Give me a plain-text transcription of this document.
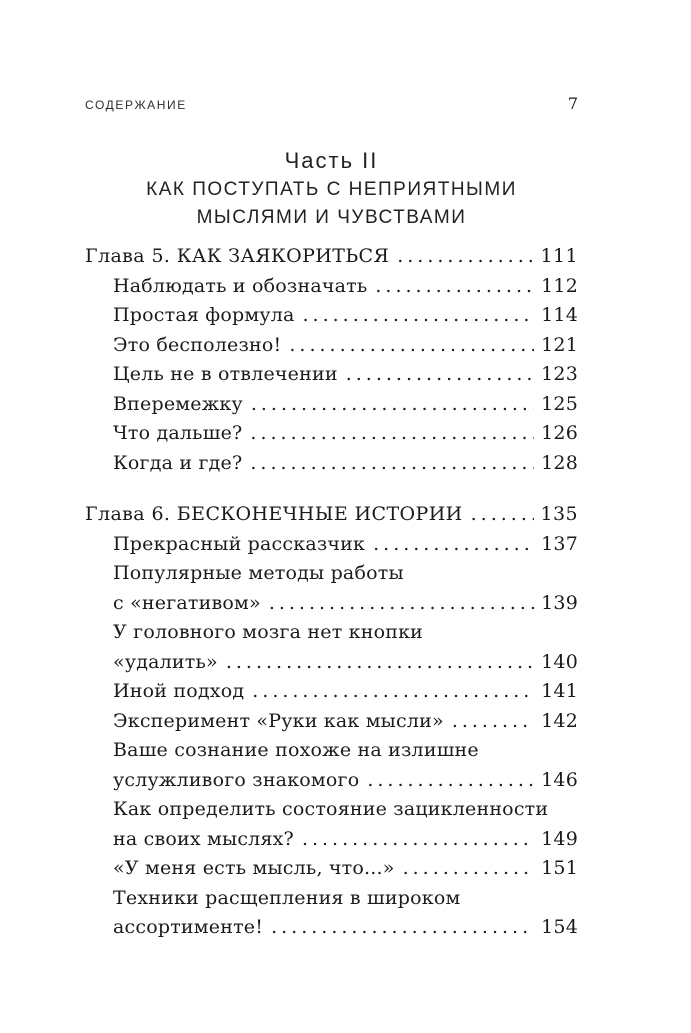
СОДЕРЖАНИЕ	7
Часть II
КАК ПОСТУПАТЬ С НЕПРИЯТНЫМИ
МЫСЛЯМИ И ЧУВСТВАМИ
Глава 5. КАК ЗАЯКОРИТЬСЯ .....	111
Наблюдать и обозначать .....	112
Простая формула .....	114
Это бесполезно! .....	121
Цель не в отвлечении .....	123
Вперемежку .....	125
Что дальше? .....	126
Когда и где? .....	128
Глава 6. БЕСКОНЕЧНЫЕ ИСТОРИИ .....	135
Прекрасный рассказчик .....	137
Популярные методы работы
с «негативом» .....	139
У головного мозга нет кнопки
«удалить» .....	140
Иной подход .....	141
Эксперимент «Руки как мысли» .....	142
Ваше сознание похоже на излишне
услужливого знакомого .....	146
Как определить состояние зацикленности
на своих мыслях? .....	149
«У меня есть мысль, что...» .....	151
Техники расщепления в широком
ассортименте! .....	154
